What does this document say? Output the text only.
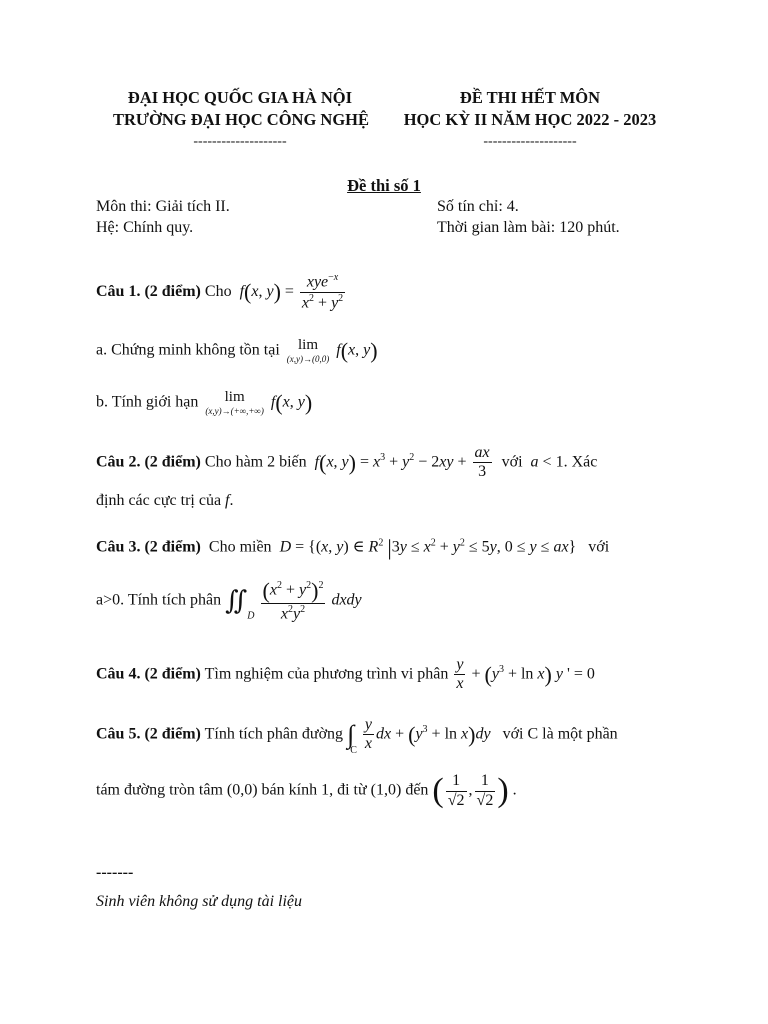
ĐẠI HỌC QUỐC GIA HÀ NỘI
TRƯỜNG ĐẠI HỌC CÔNG NGHỆ
--------------------
ĐỀ THI HẾT MÔN
HỌC KỲ II NĂM HỌC 2022 - 2023
--------------------
Đề thi số 1
Môn thi: Giải tích II.	Số tín chỉ: 4.
Hệ: Chính quy.	Thời gian làm bài: 120 phút.
Câu 1. (2 điểm) Cho  f(x, $y) = \frac{xye^{-x}}{x^2 + y^2}$
a. Chứng minh không tồn tại	lim
(x,y)→(0,0)
f(x, y)
b. Tính giới hạn	lim
(x,y)→(+∞,+∞)
f(x, y)
Câu 2. (2 điểm) Cho hàm 2 biến  f(x, $y) = x^3 + y^2 - 2xy + \frac{ax}{3}$ với a < 1. Xác
định các cực trị của f.
Câu 3. (2 điểm) Cho miền D = {(x, y) ∈ $R^2$ $|3y \le x^2 + y^2 \le 5y$, 0 ≤ y ≤ ax}   với
a>0. Tính tích phân $∬_D \frac{(x^2 + y^2)^2}{x^2y^2}$ dxdy
Câu 4. (2 điểm) Tìm nghiệm của phương trình vi phân $\frac{y}{x} + (y^3 + \ln x)$ y ' = 0
Câu 5. (2 điểm) Tính tích phân đường $\int_C \frac{y}{x}$ dx + $(y^3 + \ln x)dy$ với C là một phần
tám đường tròn tâm (0,0) bán kính 1, đi từ (1,0) đến ( $\frac{1}{√2}$ , $\frac{1}{√2}$ ) .
-------
Sinh viên không sử dụng tài liệu
